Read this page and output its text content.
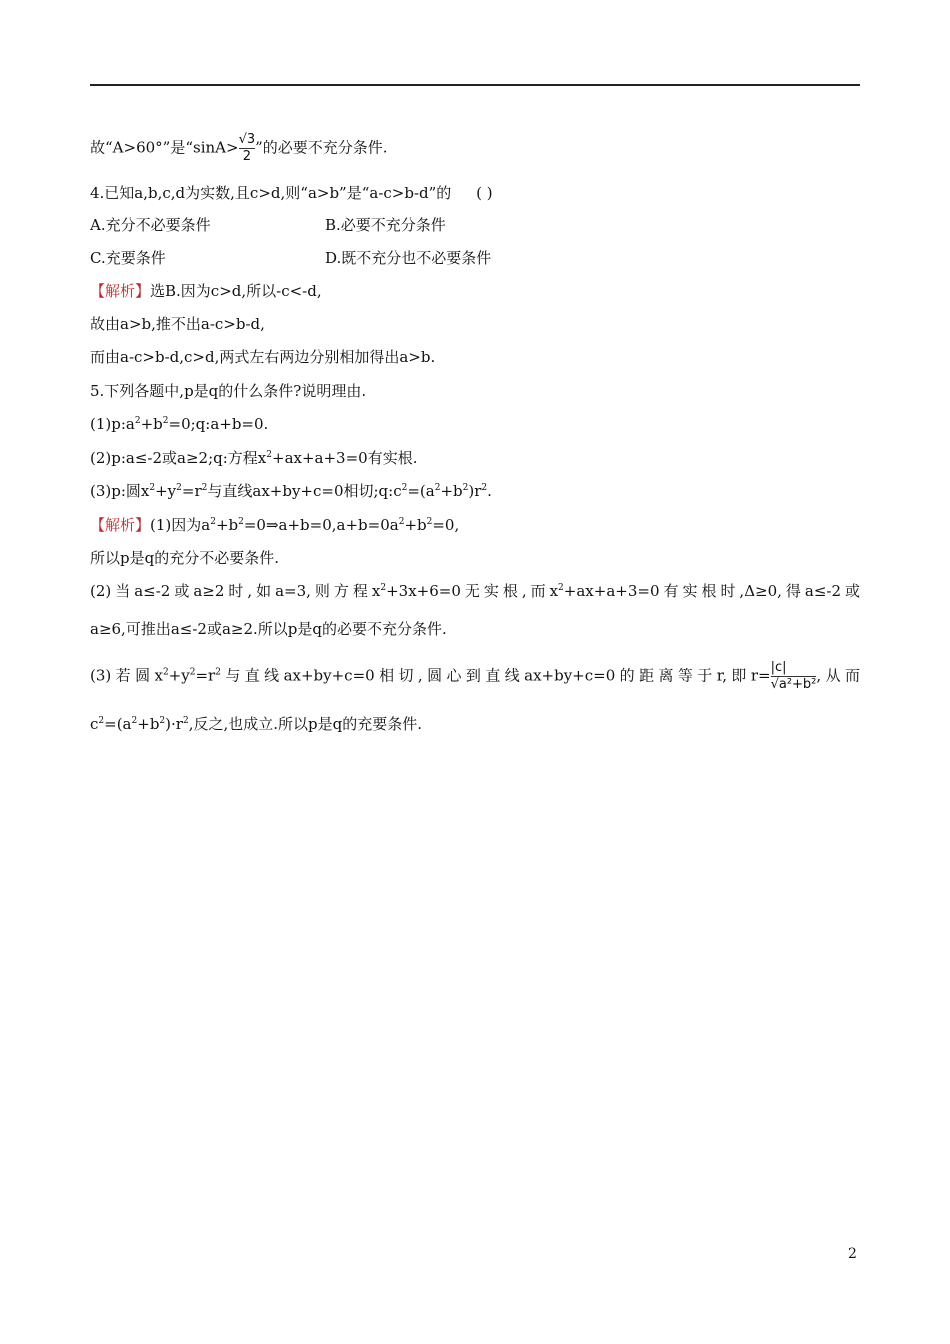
故“A>60°”是“$\sin A> \frac{√3}{2}$ ”的必要不充分条件.
4.已知a,b,c,d为实数,且c>d,则“a>b”是“a-c>b-d”的 ( )
A.充分不必要条件	B.必要不充分条件
C.充要条件	D.既不充分也不必要条件
【解析】选B.因为c>d,所以-c<-d,
故由a>b,推不出a-c>b-d,
而由a-c>b-d,c>d,两式左右两边分别相加得出a>b.
5.下列各题中,p是q的什么条件?说明理由.
$(1)p:a^2+b^2=0;q:a+b=0$.
(2)p:a≤-2或a≥2;q:方程$x^2+ax+a+3=0$有实根.
(3)p:圆$x^2+y^2=r^2$与直线ax+by+c=0相切$;q:c^2=(a^2+b^2)r^2$.
【解析】(1)因为$a^2+b^2=0\Rightarrow a+b=0,a+b=0a^2+b^2=0$,
所以p是q的充分不必要条件.
(2)当a≤-2或a≥2时,如a=3,则方程$x^2+3x+6=0$无实根,而$x^2+ax+a+3=0$有实根时,Δ≥0,得a≤-2或
a≥6,可推出a≤-2或a≥2.所以p是q的必要不充分条件.
(3)若圆$x^2+y^2=r^2$与直线ax+by+c=0相切,圆心到直线ax+by+c=0的距离等于r,即$r= \frac{|c|}{\text{√a²+b²}}$ ,从而
$c^2=(a^2+b^2)\cdot r^2$,反之,也成立.所以p是q的充要条件.
2
